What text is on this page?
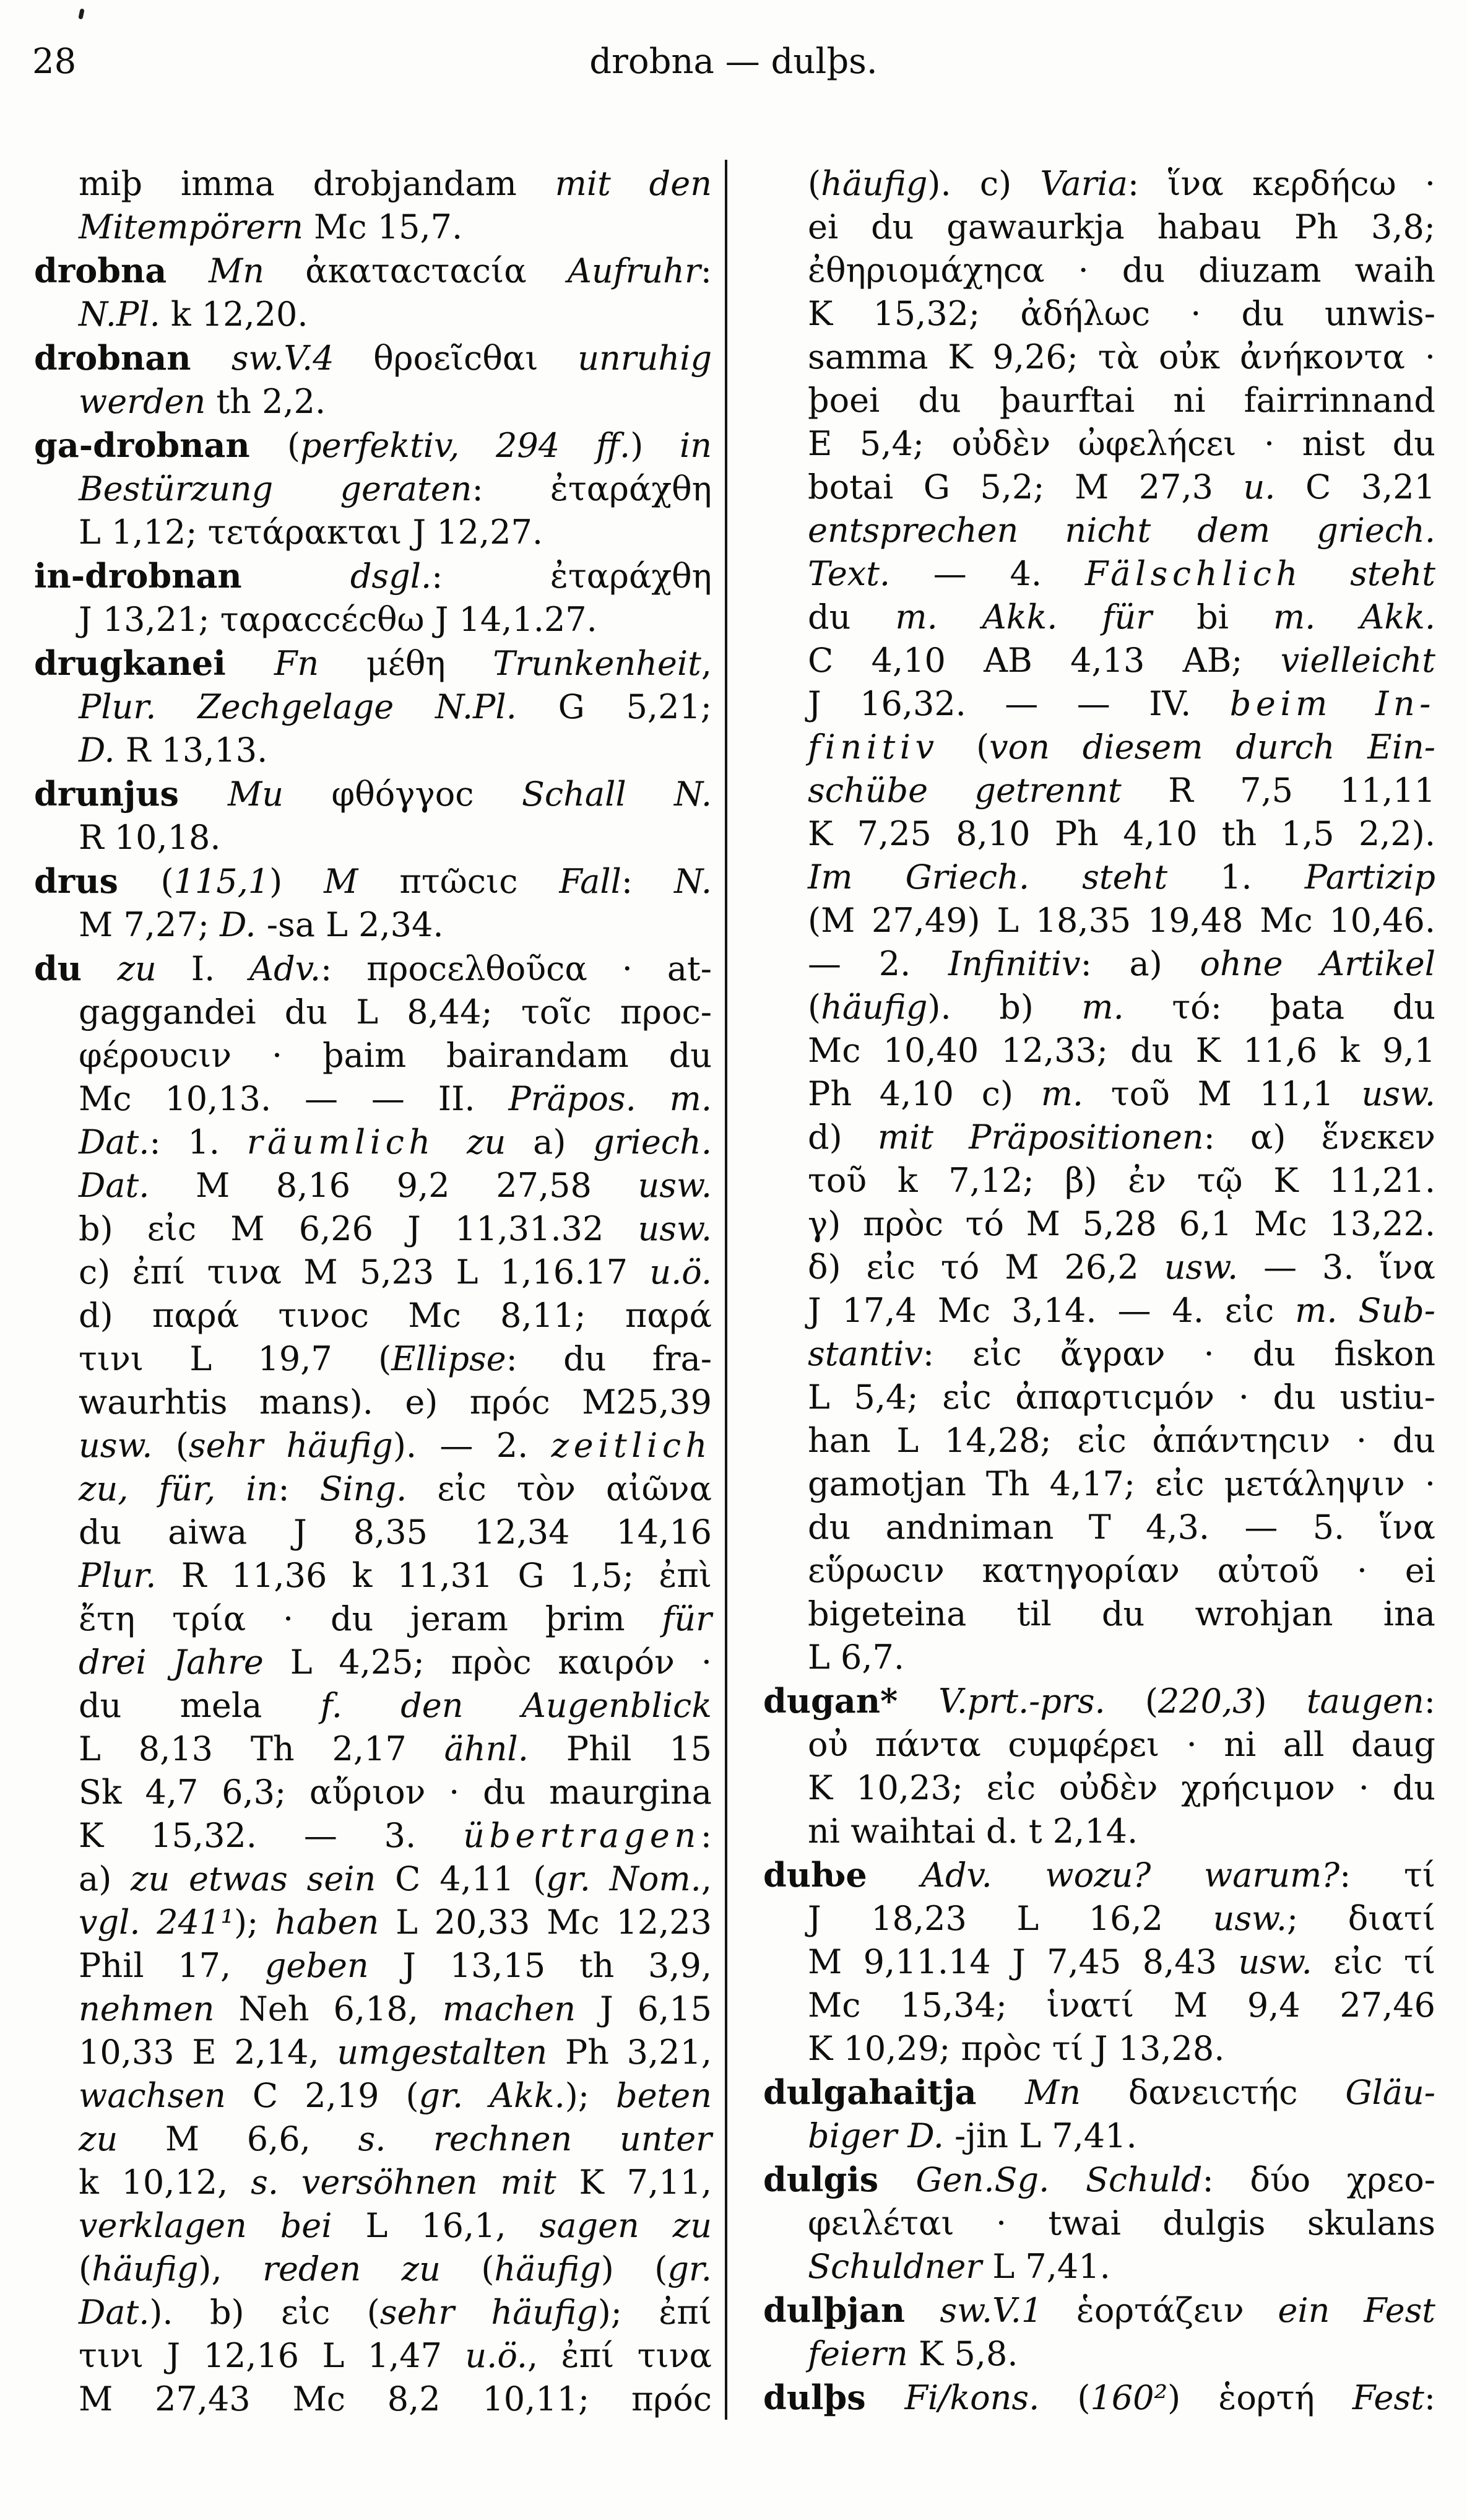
28	drobna — dulþs.
miþ imma drobjandam mit den
Mitempörern Mc 15,7.
drobna Mn ἀκαταϲταϲία Aufruhr:
N.Pl. k 12,20.
drobnan sw.V.4 θροεῖϲθαι unruhig
werden th 2,2.
ga-drobnan (perfektiv, 294 ff.) in
Bestürzung geraten: ἐταράχθη
L 1,12; τετάρακται J 12,27.
in-drobnan dsgl.: ἐταράχθη
J 13,21; ταραϲϲέϲθω J 14,1.27.
drugkanei Fn μέθη Trunkenheit,
Plur. Zechgelage N.Pl. G 5,21;
D. R 13,13.
drunjus Mu φθόγγοϲ Schall N.
R 10,18.
drus (115,1) M πτῶϲιϲ Fall: N.
M 7,27; D. -sa L 2,34.
du zu I. Adv.: προϲελθοῦϲα · at-
gaggandei du L 8,44; τοῖϲ προϲ-
φέρουϲιν · þaim bairandam du
Mc 10,13. — — II. Präpos. m.
Dat.: 1. räumlich zu a) griech.
Dat. M 8,16 9,2 27,58 usw.
b) εἰϲ M 6,26 J 11,31.32 usw.
c) ἐπί τινα M 5,23 L 1,16.17 u.ö.
d) παρά τινοϲ Mc 8,11; παρά
τινι L 19,7 (Ellipse: du fra-
waurhtis mans). e) πρόϲ M25,39
usw. (sehr häufig). — 2. zeitlich
zu, für, in: Sing. εἰϲ τὸν αἰῶνα
du aiwa J 8,35 12,34 14,16
Plur. R 11,36 k 11,31 G 1,5; ἐπὶ
ἔτη τρία · du jeram þrim für
drei Jahre L 4,25; πρὸϲ καιρόν ·
du mela f. den Augenblick
L 8,13 Th 2,17 ähnl. Phil 15
Sk 4,7 6,3; αὔριον · du maurgina
K 15,32. — 3. übertragen:
a) zu etwas sein C 4,11 (gr. Nom.,
vgl. 241¹); haben L 20,33 Mc 12,23
Phil 17, geben J 13,15 th 3,9,
nehmen Neh 6,18, machen J 6,15
10,33 E 2,14, umgestalten Ph 3,21,
wachsen C 2,19 (gr. Akk.); beten
zu M 6,6, s. rechnen unter
k 10,12, s. versöhnen mit K 7,11,
verklagen bei L 16,1, sagen zu
(häufig), reden zu (häufig) (gr.
Dat.). b) εἰϲ (sehr häufig); ἐπί
τινι J 12,16 L 1,47 u.ö., ἐπί τινα
M 27,43 Mc 8,2 10,11; πρόϲ
(häufig). c) Varia: ἵνα κερδήϲω ·
ei du gawaurkja habau Ph 3,8;
ἐθηριομάχηϲα · du diuzam waih
K 15,32; ἀδήλωϲ · du unwis-
samma K 9,26; τὰ οὐκ ἀνήκοντα ·
þoei du þaurftai ni fairrinnand
E 5,4; οὐδὲν ὠφελήϲει · nist du
botai G 5,2; M 27,3 u. C 3,21
entsprechen nicht dem griech.
Text. — 4. Fälschlich steht
du m. Akk. für bi m. Akk.
C 4,10 AB 4,13 AB; vielleicht
J 16,32. — — IV. beim In-
finitiv (von diesem durch Ein-
schübe getrennt R 7,5 11,11
K 7,25 8,10 Ph 4,10 th 1,5 2,2).
Im Griech. steht 1. Partizip
(M 27,49) L 18,35 19,48 Mc 10,46.
— 2. Infinitiv: a) ohne Artikel
(häufig). b) m. τό: þata du
Mc 10,40 12,33; du K 11,6 k 9,1
Ph 4,10 c) m. τοῦ M 11,1 usw.
d) mit Präpositionen: α) ἕνεκεν
τοῦ k 7,12; β) ἐν τῷ K 11,21.
γ) πρὸϲ τό M 5,28 6,1 Mc 13,22.
δ) εἰϲ τό M 26,2 usw. — 3. ἵνα
J 17,4 Mc 3,14. — 4. εἰϲ m. Sub-
stantiv: εἰϲ ἄγραν · du fiskon
L 5,4; εἰϲ ἀπαρτιϲμόν · du ustiu-
han L 14,28; εἰϲ ἀπάντηϲιν · du
gamotjan Th 4,17; εἰϲ μετάληψιν ·
du andniman T 4,3. — 5. ἵνα
εὕρωϲιν κατηγορίαν αὐτοῦ · ei
bigeteina til du wrohjan ina
L 6,7.
dugan* V.prt.-prs. (220,3) taugen:
οὐ πάντα ϲυμφέρει · ni all daug
K 10,23; εἰϲ οὐδὲν χρήϲιμον · du
ni waihtai d. t 2,14.
duƕe Adv. wozu? warum?: τί
J 18,23 L 16,2 usw.; διατί
M 9,11.14 J 7,45 8,43 usw. εἰϲ τί
Mc 15,34; ἱνατί M 9,4 27,46
K 10,29; πρὸϲ τί J 13,28.
dulgahaitja Mn δανειϲτήϲ Gläu-
biger D. -jin L 7,41.
dulgis Gen.Sg. Schuld: δύο χρεο-
φειλέται · twai dulgis skulans
Schuldner L 7,41.
dulþjan sw.V.1 ἑορτάζειν ein Fest
feiern K 5,8.
dulþs Fi/kons. (160²) ἑορτή Fest:
